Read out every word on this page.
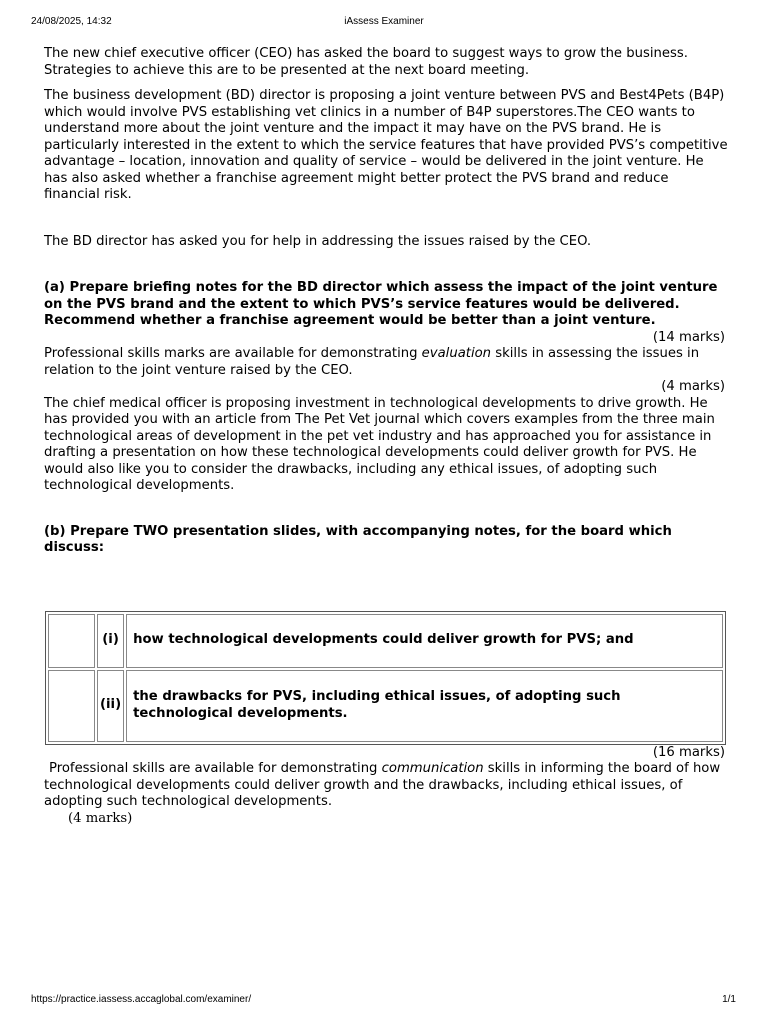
24/08/2025, 14:32	iAssess Examiner

The new chief executive officer (CEO) has asked the board to suggest ways to grow the business. Strategies to achieve this are to be presented at the next board meeting.

The business development (BD) director is proposing a joint venture between PVS and Best4Pets (B4P) which would involve PVS establishing vet clinics in a number of B4P superstores.The CEO wants to understand more about the joint venture and the impact it may have on the PVS brand. He is particularly interested in the extent to which the service features that have provided PVS’s competitive advantage – location, innovation and quality of service – would be delivered in the joint venture. He has also asked whether a franchise agreement might better protect the PVS brand and reduce financial risk.

The BD director has asked you for help in addressing the issues raised by the CEO.

(a) Prepare briefing notes for the BD director which assess the impact of the joint venture on the PVS brand and the extent to which PVS’s service features would be delivered. Recommend whether a franchise agreement would be better than a joint venture.

(14 marks)

Professional skills marks are available for demonstrating evaluation skills in assessing the issues in relation to the joint venture raised by the CEO.

(4 marks)

The chief medical officer is proposing investment in technological developments to drive growth. He has provided you with an article from The Pet Vet journal which covers examples from the three main technological areas of development in the pet vet industry and has approached you for assistance in drafting a presentation on how these technological developments could deliver growth for PVS. He would also like you to consider the drawbacks, including any ethical issues, of adopting such technological developments.

(b) Prepare TWO presentation slides, with accompanying notes, for the board which discuss:

	(i)	how technological developments could deliver growth for PVS; and
	(ii)	the drawbacks for PVS, including ethical issues, of adopting such technological developments.

(16 marks)

Professional skills are available for demonstrating communication skills in informing the board of how technological developments could deliver growth and the drawbacks, including ethical issues, of adopting such technological developments.

(4 marks)

https://practice.iassess.accaglobal.com/examiner/	1/1
